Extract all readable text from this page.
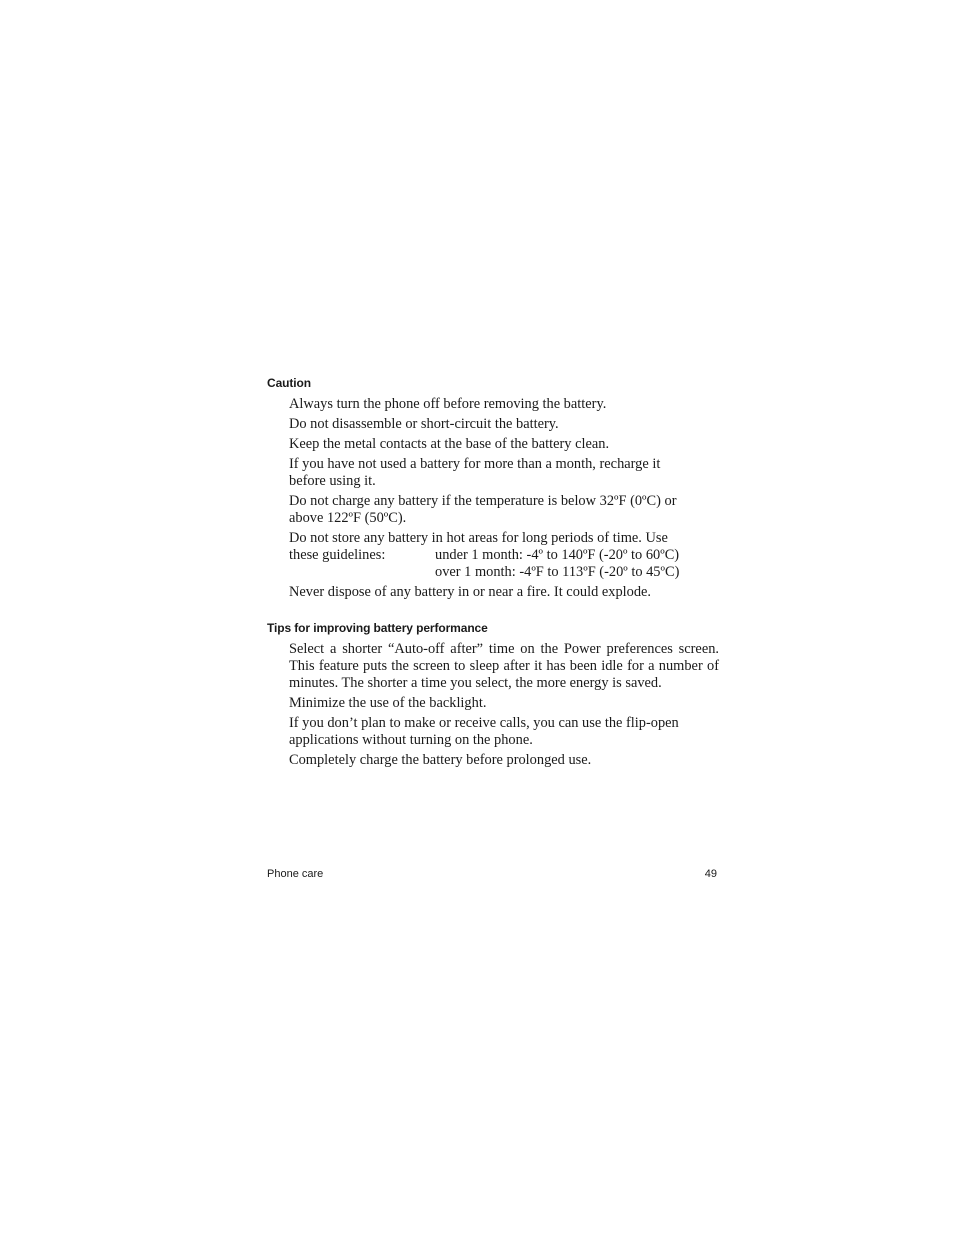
Caution
Always turn the phone off before removing the battery.
Do not disassemble or short-circuit the battery.
Keep the metal contacts at the base of the battery clean.
If you have not used a battery for more than a month, recharge it before using it.
Do not charge any battery if the temperature is below 32ºF (0ºC) or above 122ºF (50ºC).
Do not store any battery in hot areas for long periods of time. Use
these guidelines:	under 1 month: -4º to 140ºF (-20º to 60ºC)
over 1 month: -4ºF to 113ºF (-20º to 45ºC)
Never dispose of any battery in or near a fire. It could explode.
Tips for improving battery performance
Select a shorter “Auto-off after” time on the Power preferences screen. This feature puts the screen to sleep after it has been idle for a number of minutes. The shorter a time you select, the more energy is saved.
Minimize the use of the backlight.
If you don’t plan to make or receive calls, you can use the flip-open applications without turning on the phone.
Completely charge the battery before prolonged use.

Phone care	49
